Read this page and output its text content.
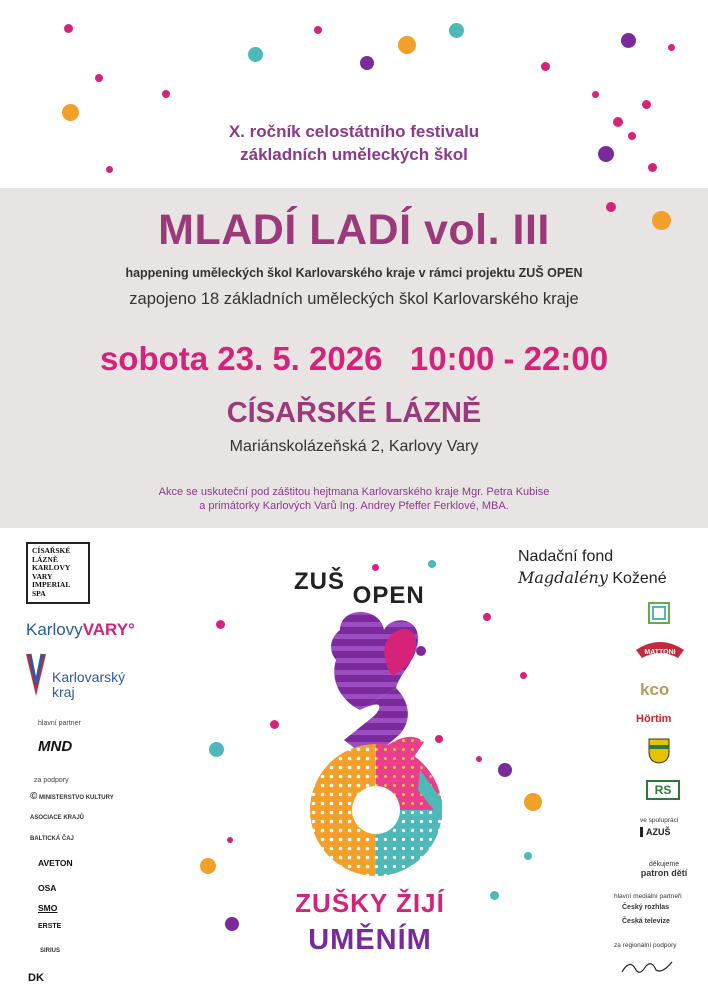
X. ročník celostátního festivalu
základních uměleckých škol
MLADÍ LADÍ vol. III
happening uměleckých škol Karlovarského kraje v rámci projektu ZUŠ OPEN
zapojeno 18 základních uměleckých škol Karlovarského kraje
sobota 23. 5. 2026   10:00 - 22:00
CÍSAŘSKÉ LÁZNĚ
Mariánskolázeňská 2, Karlovy Vary
Akce se uskuteční pod záštitou hejtmana Karlovarského kraje Mgr. Petra Kubise
a primátorky Karlových Varů Ing. Andrey Pfeffer Ferklové, MBA.
CÍSAŘSKÉ
LÁZNĚ
KARLOVY
VARY
IMPERIAL
SPA
KarlovyVARY°
Karlovarský
kraj
hlavní partner
MND
za podpory
© MINISTERSTVO KULTURY
ASOCIACE KRAJŮ
BALTICKÁ ČAJ
AVETON
OSA
SMO
ERSTE
SIRIUS
DK
ZUŠ OPEN
ZUŠKY ŽIJÍ
UMĚNÍM
Nadační fond
Magdalény Kožené
MATTONI
kco
Hörtim
RS
ve spolupráci
AZUŠ
děkujeme
patron dětí
hlavní mediální partneři
Český rozhlas
Česká televize
za regionální podpory
